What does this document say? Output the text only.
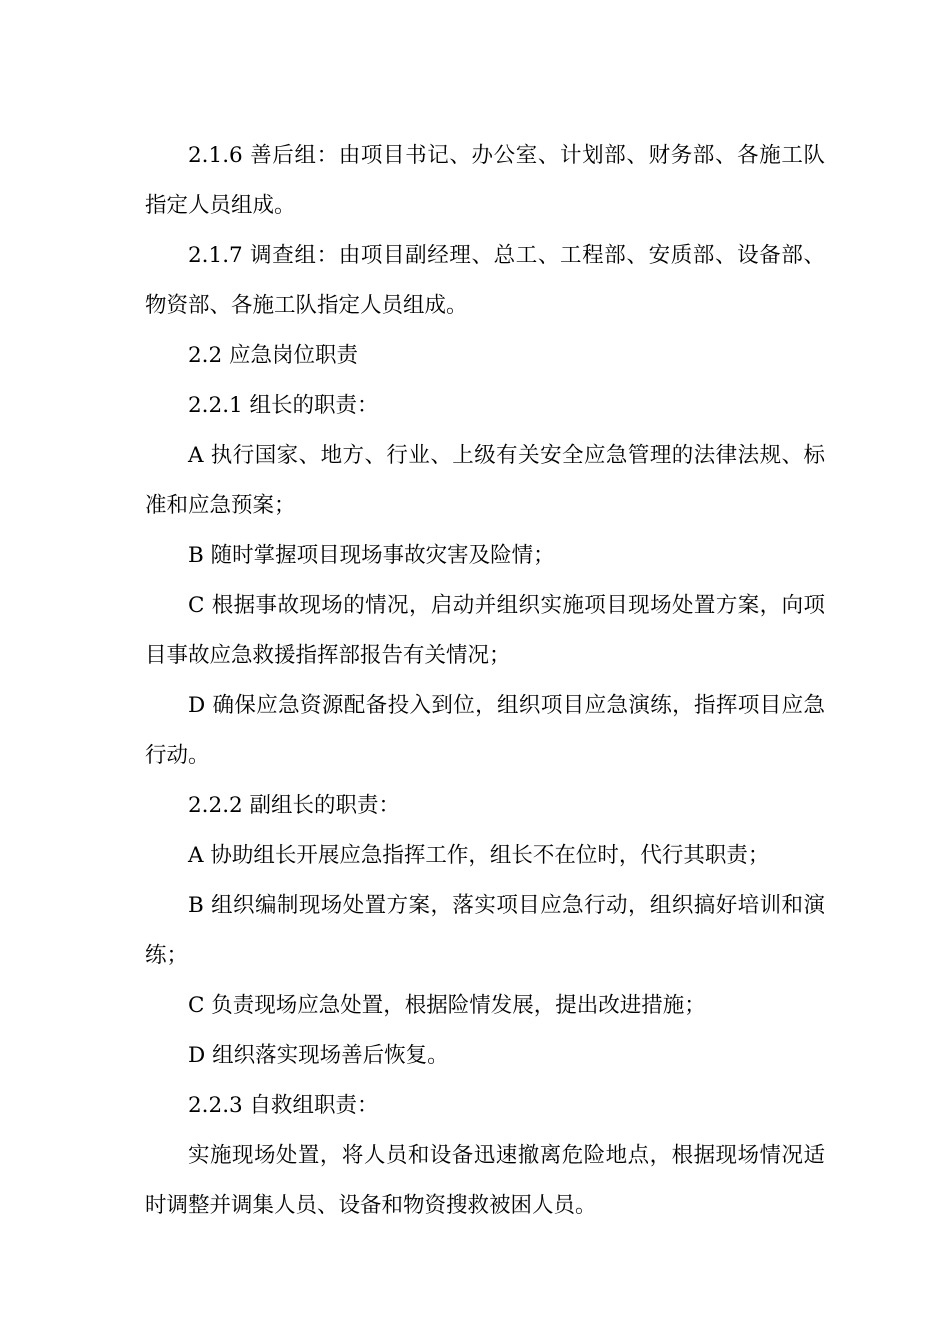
2.1.6 善后组：由项目书记、办公室、计划部、财务部、各施工队指定人员组成。

2.1.7 调查组：由项目副经理、总工、工程部、安质部、设备部、物资部、各施工队指定人员组成。

2.2 应急岗位职责

2.2.1 组长的职责：

A 执行国家、地方、行业、上级有关安全应急管理的法律法规、标准和应急预案；

B 随时掌握项目现场事故灾害及险情；

C 根据事故现场的情况，启动并组织实施项目现场处置方案，向项目事故应急救援指挥部报告有关情况；

D 确保应急资源配备投入到位，组织项目应急演练，指挥项目应急行动。

2.2.2 副组长的职责：

A 协助组长开展应急指挥工作，组长不在位时，代行其职责；

B 组织编制现场处置方案，落实项目应急行动，组织搞好培训和演练；

C 负责现场应急处置，根据险情发展，提出改进措施；

D 组织落实现场善后恢复。

2.2.3 自救组职责：

实施现场处置，将人员和设备迅速撤离危险地点，根据现场情况适时调整并调集人员、设备和物资搜救被困人员。
